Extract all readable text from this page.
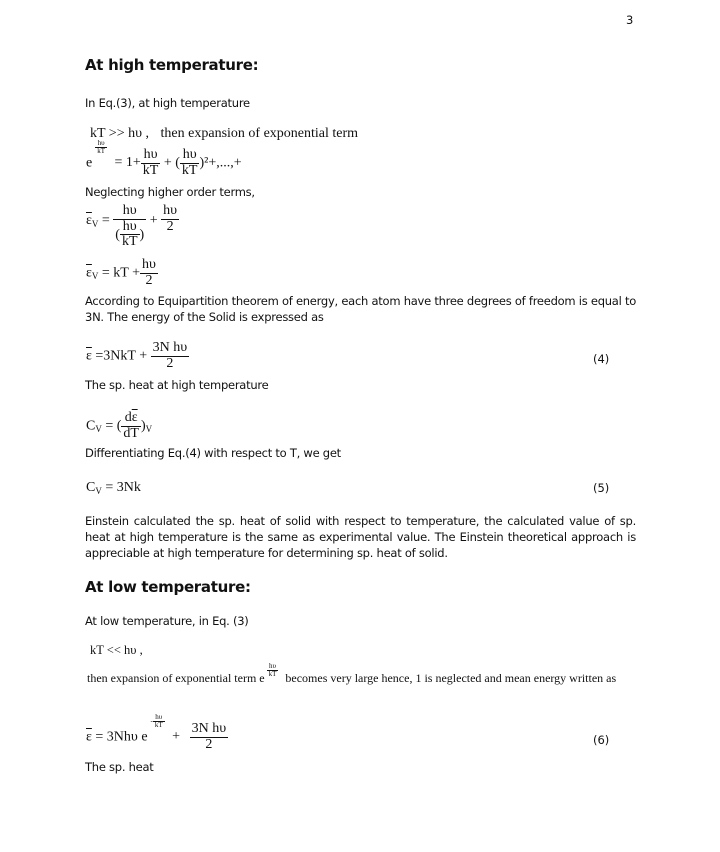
3
At high temperature:
In Eq.(3), at high temperature
kT >> hυ , then expansion of exponential term
e
$\frac{h\upsilon}{kT}$
= $1+ \frac{h\upsilon}{kT}$ + ( $\frac{h\upsilon}{kT} )^2+,...,+$
Neglecting higher order terms,
$\overline{\varepsilon}_V = \frac{h\upsilon}{( \frac{h\upsilon}{kT} )} + \frac{h\upsilon}{2}$
$\overline{\varepsilon}_V$ = kT + $\frac{h\upsilon}{2}$
According to Equipartition theorem of energy, each atom have three degrees of freedom is equal to 3N. The energy of the Solid is expressed as
$\overline{\varepsilon} =3NkT + \frac{\text{3N hυ}}{2}$	(4)
The sp. heat at high temperature
$C_V$ = ( $\frac{d\overline{\varepsilon}}{dT} )_V$
Differentiating Eq.(4) with respect to T, we get
$C_V = 3Nk$	(5)
Einstein calculated the sp. heat of solid with respect to temperature, the calculated value of sp. heat at high temperature is the same as experimental value. The Einstein theoretical approach is appreciable at high temperature for determining sp. heat of solid.
At low temperature:
At low temperature, in Eq. (3)
kT << hυ ,
then expansion of exponential term e $\frac{h\upsilon}{kT}$ becomes very large hence, 1 is neglected and mean energy written as
$\overline{\varepsilon} = 3Nh\upsilon$ $e- \frac{h\upsilon}{kT}$
+ $\frac{\text{3N hυ}}{2}$	(6)
The sp. heat
